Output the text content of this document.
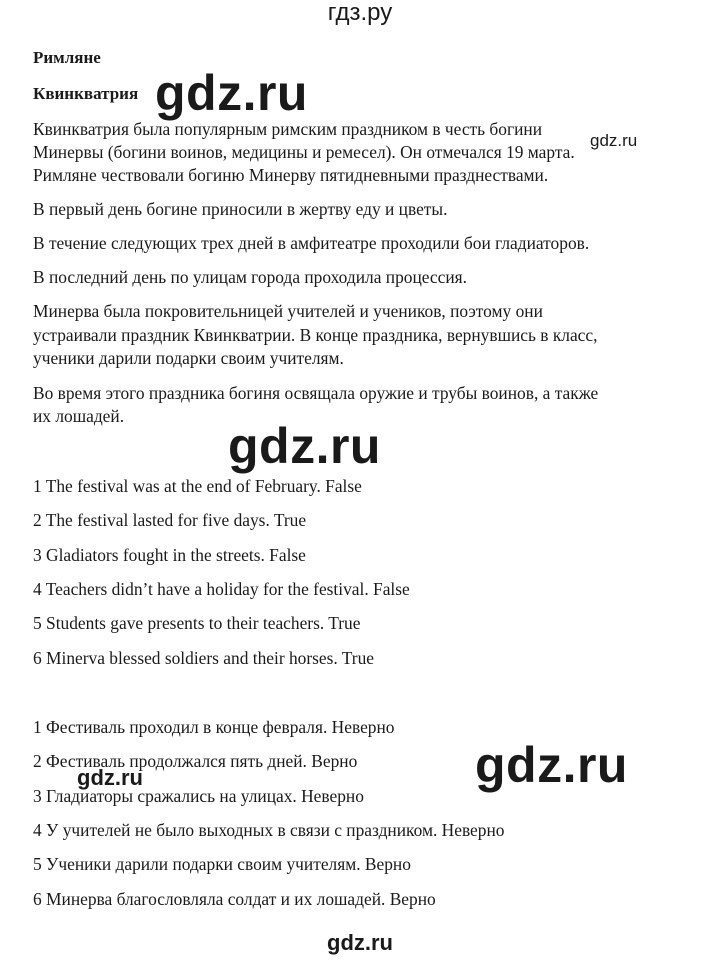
гдз.ру
gdz.ru
gdz.ru
gdz.ru
gdz.ru
gdz.ru
gdz.ru
Римляне
Квинкватрия
Квинкватрия была популярным римским праздником в честь богини
Минервы (богини воинов, медицины и ремесел). Он отмечался 19 марта.
Римляне чествовали богиню Минерву пятидневными празднествами.
В первый день богине приносили в жертву еду и цветы.
В течение следующих трех дней в амфитеатре проходили бои гладиаторов.
В последний день по улицам города проходила процессия.
Минерва была покровительницей учителей и учеников, поэтому они
устраивали праздник Квинкватрии. В конце праздника, вернувшись в класс,
ученики дарили подарки своим учителям.
Во время этого праздника богиня освящала оружие и трубы воинов, а также
их лошадей.
1 The festival was at the end of February. False
2 The festival lasted for five days. True
3 Gladiators fought in the streets. False
4 Teachers didn’t have a holiday for the festival. False
5 Students gave presents to their teachers. True
6 Minerva blessed soldiers and their horses. True
1 Фестиваль проходил в конце февраля. Неверно
2 Фестиваль продолжался пять дней. Верно
3 Гладиаторы сражались на улицах. Неверно
4 У учителей не было выходных в связи с праздником. Неверно
5 Ученики дарили подарки своим учителям. Верно
6 Минерва благословляла солдат и их лошадей. Верно
